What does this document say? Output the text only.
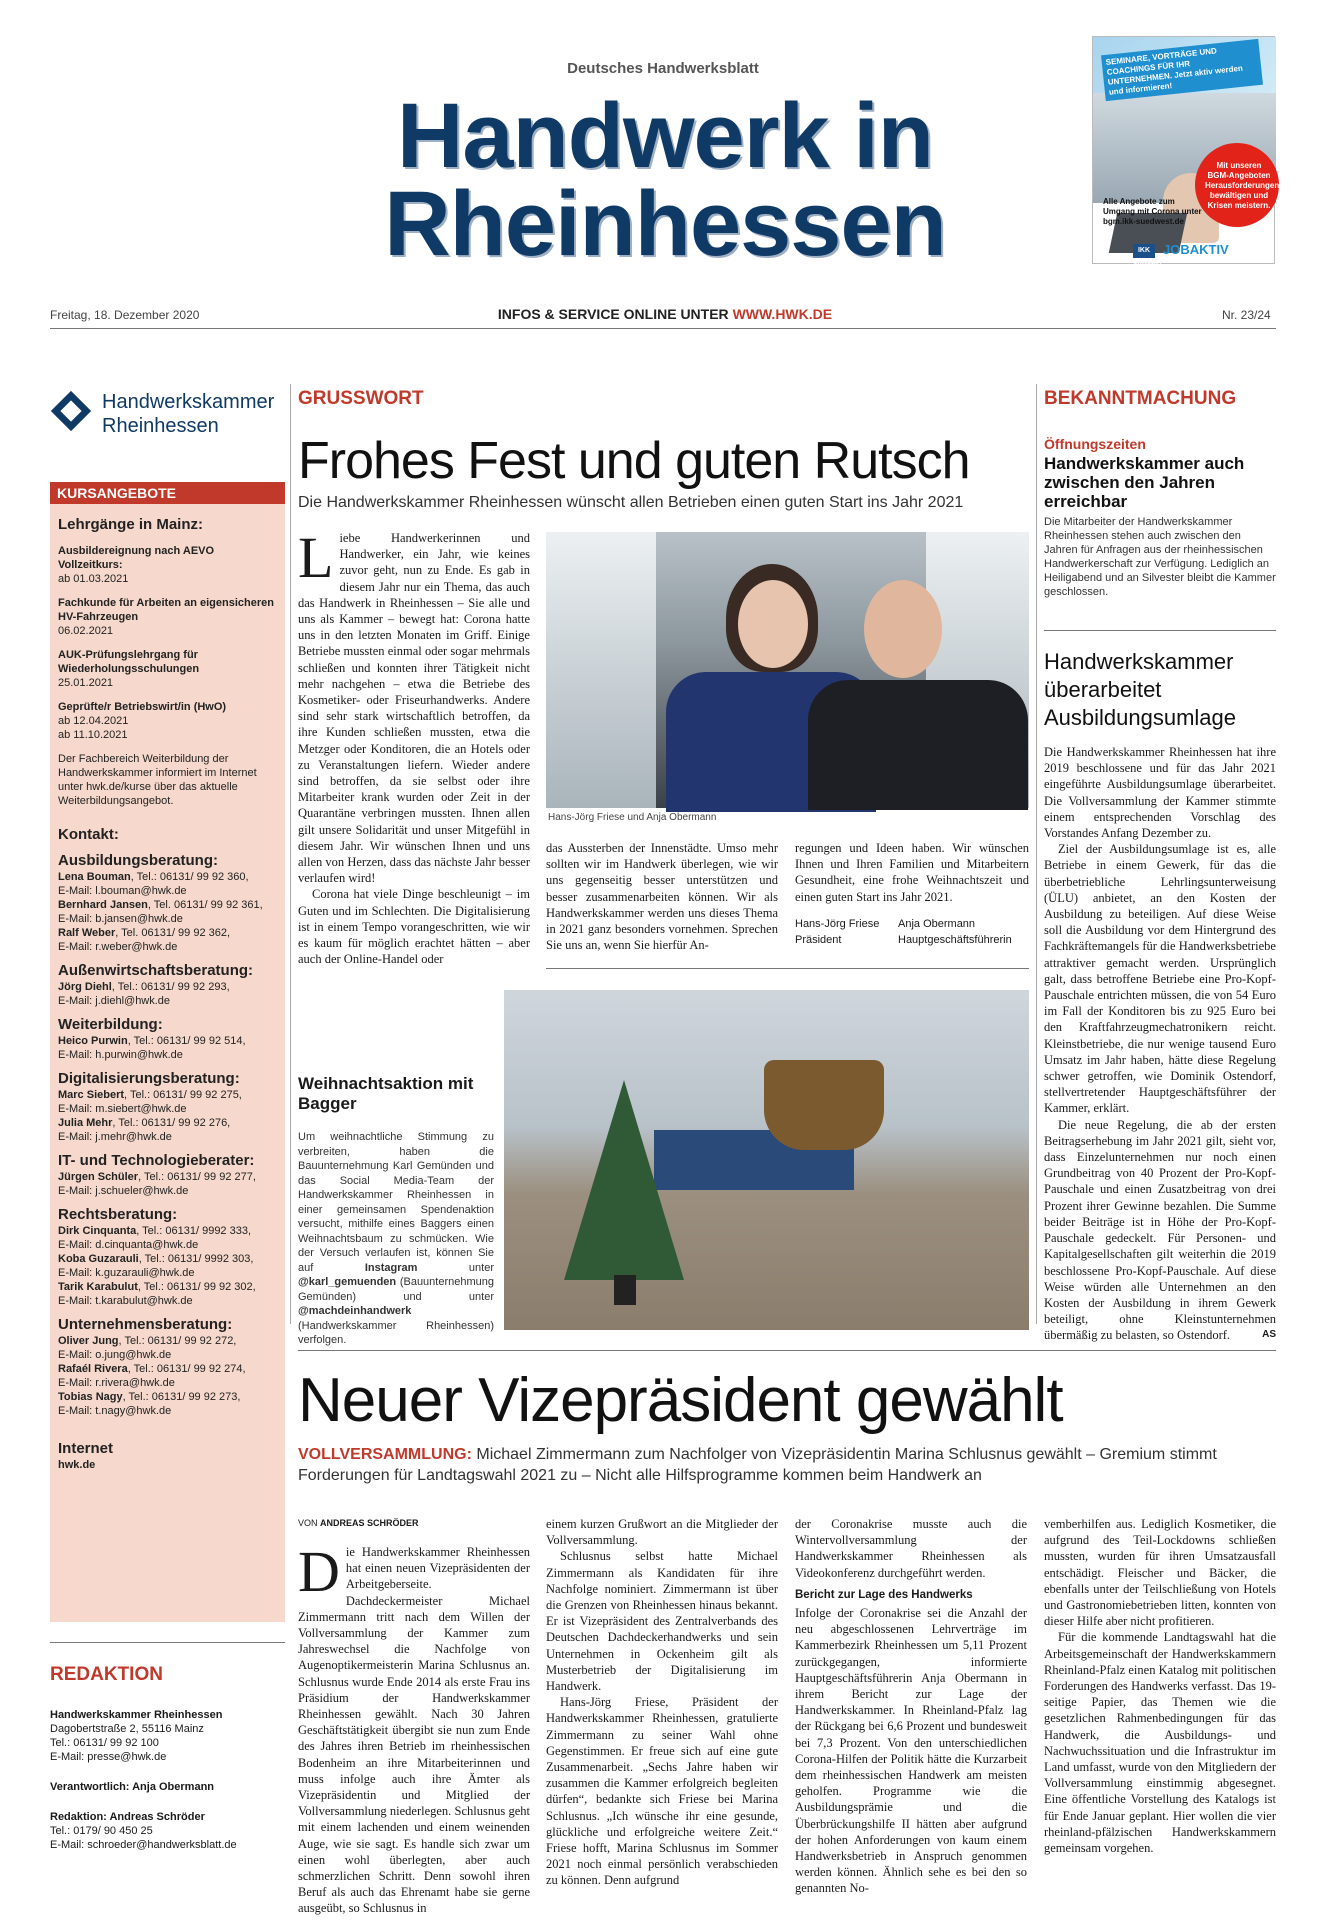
Deutsches Handwerksblatt
Handwerk in
Rheinhessen
SEMINARE, VORTRÄGE UND COACHINGS FÜR IHR UNTERNEHMEN. Jetzt aktiv werden und informieren!
Mit unseren BGM-Angeboten Herausforderungen bewältigen und Krisen meistern.
Alle Angebote zum Umgang mit Corona unter bgm.ikk-suedwest.de
IKK SüdwestJOBAKTIV
Freitag, 18. Dezember 2020	INFOS & SERVICE ONLINE UNTER WWW.HWK.DE	Nr. 23/24
Handwerkskammer
Rheinhessen
KURSANGEBOTE
Lehrgänge in Mainz:
Ausbildereignung nach AEVO Vollzeitkurs:
ab 01.03.2021
Fachkunde für Arbeiten an eigensicheren HV-Fahrzeugen
06.02.2021
AUK-Prüfungslehrgang für Wiederholungsschulungen
25.01.2021
Geprüfte/r Betriebswirt/in (HwO)
ab 12.04.2021
ab 11.10.2021
Der Fachbereich Weiterbildung der Handwerkskammer informiert im Internet unter hwk.de/kurse über das aktuelle Weiterbildungsangebot.
Kontakt:
Ausbildungsberatung:
Lena Bouman, Tel.: 06131/ 99 92 360,
E-Mail: l.bouman@hwk.de
Bernhard Jansen, Tel. 06131/ 99 92 361,
E-Mail: b.jansen@hwk.de
Ralf Weber, Tel. 06131/ 99 92 362,
E-Mail: r.weber@hwk.de
Außenwirtschaftsberatung:
Jörg Diehl, Tel.: 06131/ 99 92 293,
E-Mail: j.diehl@hwk.de
Weiterbildung:
Heico Purwin, Tel.: 06131/ 99 92 514,
E-Mail: h.purwin@hwk.de
Digitalisierungsberatung:
Marc Siebert, Tel.: 06131/ 99 92 275,
E-Mail: m.siebert@hwk.de
Julia Mehr, Tel.: 06131/ 99 92 276,
E-Mail: j.mehr@hwk.de
IT- und Technologieberater:
Jürgen Schüler, Tel.: 06131/ 99 92 277,
E-Mail: j.schueler@hwk.de
Rechtsberatung:
Dirk Cinquanta, Tel.: 06131/ 9992 333,
E-Mail: d.cinquanta@hwk.de
Koba Guzarauli, Tel.: 06131/ 9992 303,
E-Mail: k.guzarauli@hwk.de
Tarik Karabulut, Tel.: 06131/ 99 92 302,
E-Mail: t.karabulut@hwk.de
Unternehmensberatung:
Oliver Jung, Tel.: 06131/ 99 92 272,
E-Mail: o.jung@hwk.de
Rafaél Rivera, Tel.: 06131/ 99 92 274,
E-Mail: r.rivera@hwk.de
Tobias Nagy, Tel.: 06131/ 99 92 273,
E-Mail: t.nagy@hwk.de
Internet
hwk.de
REDAKTION
Handwerkskammer Rheinhessen
Dagobertstraße 2, 55116 Mainz
Tel.: 06131/ 99 92 100
E-Mail: presse@hwk.de
Verantwortlich: Anja Obermann
Redaktion: Andreas Schröder
Tel.: 0179/ 90 450 25
E-Mail: schroeder@handwerksblatt.de
GRUSSWORT
Frohes Fest und guten Rutsch
Die Handwerkskammer Rheinhessen wünscht allen Betrieben einen guten Start ins Jahr 2021
Liebe Handwerkerinnen und Handwerker, ein Jahr, wie keines zuvor geht, nun zu Ende. Es gab in diesem Jahr nur ein Thema, das auch das Handwerk in Rheinhessen – Sie alle und uns als Kammer – bewegt hat: Corona hatte uns in den letzten Monaten im Griff. Einige Betriebe mussten einmal oder sogar mehrmals schließen und konnten ihrer Tätigkeit nicht mehr nachgehen – etwa die Betriebe des Kosmetiker- oder Friseurhandwerks. Andere sind sehr stark wirtschaftlich betroffen, da ihre Kunden schließen mussten, etwa die Metzger oder Konditoren, die an Hotels oder zu Veranstaltungen liefern. Wieder andere sind betroffen, da sie selbst oder ihre Mitarbeiter krank wurden oder Zeit in der Quarantäne verbringen mussten. Ihnen allen gilt unsere Solidarität und unser Mitgefühl in diesem Jahr. Wir wünschen Ihnen und uns allen von Herzen, dass das nächste Jahr besser verlaufen wird!
Corona hat viele Dinge beschleunigt – im Guten und im Schlechten. Die Digitalisierung ist in einem Tempo vorangeschritten, wie wir es kaum für möglich erachtet hätten – aber auch der Online-Handel oder
Hans-Jörg Friese und Anja Obermann
das Aussterben der Innenstädte. Umso mehr sollten wir im Handwerk überlegen, wie wir uns gegenseitig besser unterstützen und besser zusammenarbeiten können. Wir als Handwerkskammer werden uns dieses Thema in 2021 ganz besonders vornehmen. Sprechen Sie uns an, wenn Sie hierfür An-
regungen und Ideen haben. Wir wünschen Ihnen und Ihren Familien und Mitarbeitern Gesundheit, eine frohe Weihnachtszeit und einen guten Start ins Jahr 2021.
Hans-Jörg Friese
Präsident
Anja Obermann
Hauptgeschäftsführerin
Weihnachtsaktion mit Bagger
Um weihnachtliche Stimmung zu verbreiten, haben die Bauunternehmung Karl Gemünden und das Social Media-Team der Handwerkskammer Rheinhessen in einer gemeinsamen Spendenaktion versucht, mithilfe eines Baggers einen Weihnachtsbaum zu schmücken. Wie der Versuch verlaufen ist, können Sie auf Instagram unter @karl_gemuenden (Bauunternehmung Gemünden) und unter @machdeinhandwerk (Handwerkskammer Rheinhessen) verfolgen.
BEKANNTMACHUNG
Öffnungszeiten
Handwerkskammer auch zwischen den Jahren erreichbar
Die Mitarbeiter der Handwerkskammer Rheinhessen stehen auch zwischen den Jahren für Anfragen aus der rheinhessischen Handwerkerschaft zur Verfügung. Lediglich an Heiligabend und an Silvester bleibt die Kammer geschlossen.
Handwerkskammer überarbeitet Ausbildungsumlage
Die Handwerkskammer Rheinhessen hat ihre 2019 beschlossene und für das Jahr 2021 eingeführte Ausbildungsumlage überarbeitet. Die Vollversammlung der Kammer stimmte einem entsprechenden Vorschlag des Vorstandes Anfang Dezember zu.
Ziel der Ausbildungsumlage ist es, alle Betriebe in einem Gewerk, für das die überbetriebliche Lehrlingsunterweisung (ÜLU) anbietet, an den Kosten der Ausbildung zu beteiligen. Auf diese Weise soll die Ausbildung vor dem Hintergrund des Fachkräftemangels für die Handwerksbetriebe attraktiver gemacht werden. Ursprünglich galt, dass betroffene Betriebe eine Pro-Kopf-Pauschale entrichten müssen, die von 54 Euro im Fall der Konditoren bis zu 925 Euro bei den Kraftfahrzeugmechatronikern reicht. Kleinstbetriebe, die nur wenige tausend Euro Umsatz im Jahr haben, hätte diese Regelung schwer getroffen, wie Dominik Ostendorf, stellvertretender Hauptgeschäftsführer der Kammer, erklärt.
Die neue Regelung, die ab der ersten Beitragserhebung im Jahr 2021 gilt, sieht vor, dass Einzelunternehmen nur noch einen Grundbeitrag von 40 Prozent der Pro-Kopf-Pauschale und einen Zusatzbeitrag von drei Prozent ihrer Gewinne bezahlen. Die Summe beider Beiträge ist in Höhe der Pro-Kopf-Pauschale gedeckelt. Für Personen- und Kapitalgesellschaften gilt weiterhin die 2019 beschlossene Pro-Kopf-Pauschale. Auf diese Weise würden alle Unternehmen an den Kosten der Ausbildung in ihrem Gewerk beteiligt, ohne Kleinstunternehmen übermäßig zu belasten, so Ostendorf.	AS
Neuer Vizepräsident gewählt
VOLLVERSAMMLUNG: Michael Zimmermann zum Nachfolger von Vizepräsidentin Marina Schlusnus gewählt – Gremium stimmt Forderungen für Landtagswahl 2021 zu – Nicht alle Hilfsprogramme kommen beim Handwerk an
VON ANDREAS SCHRÖDER
Die Handwerkskammer Rheinhessen hat einen neuen Vizepräsidenten der Arbeitgeberseite. Dachdeckermeister Michael Zimmermann tritt nach dem Willen der Vollversammlung der Kammer zum Jahreswechsel die Nachfolge von Augenoptikermeisterin Marina Schlusnus an. Schlusnus wurde Ende 2014 als erste Frau ins Präsidium der Handwerkskammer Rheinhessen gewählt. Nach 30 Jahren Geschäftstätigkeit übergibt sie nun zum Ende des Jahres ihren Betrieb im rheinhessischen Bodenheim an ihre Mitarbeiterinnen und muss infolge auch ihre Ämter als Vizepräsidentin und Mitglied der Vollversammlung niederlegen. Schlusnus geht mit einem lachenden und einem weinenden Auge, wie sie sagt. Es handle sich zwar um einen wohl überlegten, aber auch schmerzlichen Schritt. Denn sowohl ihren Beruf als auch das Ehrenamt habe sie gerne ausgeübt, so Schlusnus in
einem kurzen Grußwort an die Mitglieder der Vollversammlung.
Schlusnus selbst hatte Michael Zimmermann als Kandidaten für ihre Nachfolge nominiert. Zimmermann ist über die Grenzen von Rheinhessen hinaus bekannt. Er ist Vizepräsident des Zentralverbands des Deutschen Dachdeckerhandwerks und sein Unternehmen in Ockenheim gilt als Musterbetrieb der Digitalisierung im Handwerk.
Hans-Jörg Friese, Präsident der Handwerkskammer Rheinhessen, gratulierte Zimmermann zu seiner Wahl ohne Gegenstimmen. Er freue sich auf eine gute Zusammenarbeit. „Sechs Jahre haben wir zusammen die Kammer erfolgreich begleiten dürfen“, bedankte sich Friese bei Marina Schlusnus. „Ich wünsche ihr eine gesunde, glückliche und erfolgreiche weitere Zeit.“ Friese hofft, Marina Schlusnus im Sommer 2021 noch einmal persönlich verabschieden zu können. Denn aufgrund
der Coronakrise musste auch die Wintervollversammlung der Handwerkskammer Rheinhessen als Videokonferenz durchgeführt werden.
Bericht zur Lage des Handwerks
Infolge der Coronakrise sei die Anzahl der neu abgeschlossenen Lehrverträge im Kammerbezirk Rheinhessen um 5,11 Prozent zurückgegangen, informierte Hauptgeschäftsführerin Anja Obermann in ihrem Bericht zur Lage der Handwerkskammer. In Rheinland-Pfalz lag der Rückgang bei 6,6 Prozent und bundesweit bei 7,3 Prozent. Von den unterschiedlichen Corona-Hilfen der Politik hätte die Kurzarbeit dem rheinhessischen Handwerk am meisten geholfen. Programme wie die Ausbildungsprämie und die Überbrückungshilfe II hätten aber aufgrund der hohen Anforderungen von kaum einem Handwerksbetrieb in Anspruch genommen werden können. Ähnlich sehe es bei den so genannten No-
vemberhilfen aus. Lediglich Kosmetiker, die aufgrund des Teil-Lockdowns schließen mussten, wurden für ihren Umsatzausfall entschädigt. Fleischer und Bäcker, die ebenfalls unter der Teilschließung von Hotels und Gastronomiebetrieben litten, konnten von dieser Hilfe aber nicht profitieren.
Für die kommende Landtagswahl hat die Arbeitsgemeinschaft der Handwerkskammern Rheinland-Pfalz einen Katalog mit politischen Forderungen des Handwerks verfasst. Das 19-seitige Papier, das Themen wie die gesetzlichen Rahmenbedingungen für das Handwerk, die Ausbildungs- und Nachwuchssituation und die Infrastruktur im Land umfasst, wurde von den Mitgliedern der Vollversammlung einstimmig abgesegnet. Eine öffentliche Vorstellung des Katalogs ist für Ende Januar geplant. Hier wollen die vier rheinland-pfälzischen Handwerkskammern gemeinsam vorgehen.
